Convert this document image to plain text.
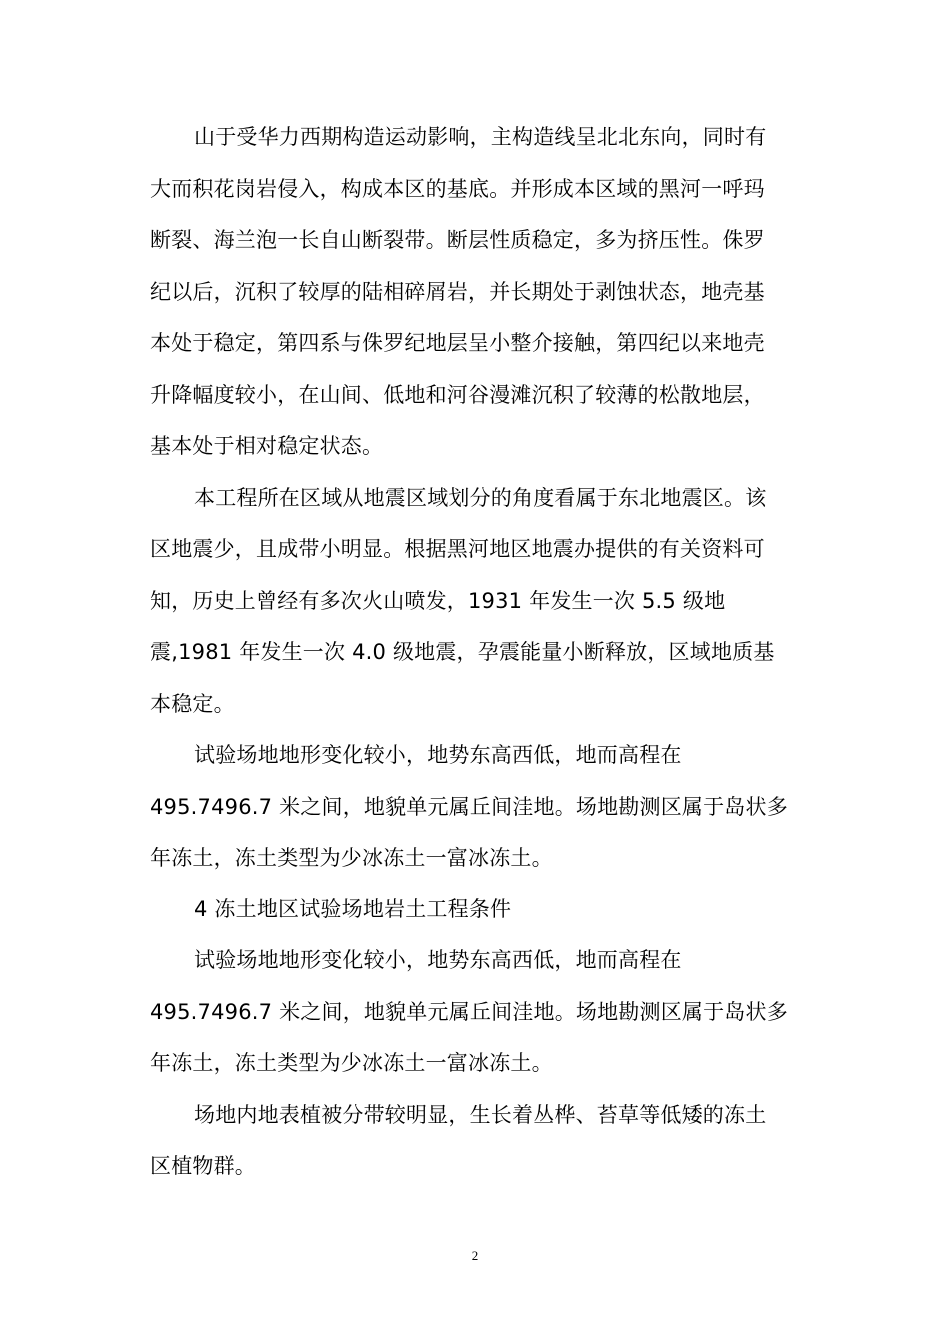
山于受华力西期构造运动影响，主构造线呈北北东向，同时有
大而积花岗岩侵入，构成本区的基底。并形成本区域的黑河一呼玛
断裂、海兰泡一长自山断裂带。断层性质稳定，多为挤压性。侏罗
纪以后，沉积了较厚的陆相碎屑岩，并长期处于剥蚀状态，地壳基
本处于稳定，第四系与侏罗纪地层呈小整介接触，第四纪以来地壳
升降幅度较小，在山间、低地和河谷漫滩沉积了较薄的松散地层，
基本处于相对稳定状态。
本工程所在区域从地震区域划分的角度看属于东北地震区。该
区地震少，且成带小明显。根据黑河地区地震办提供的有关资料可
知，历史上曾经有多次火山喷发，1931 年发生一次 5.5 级地
震,1981 年发生一次 4.0 级地震，孕震能量小断释放，区域地质基
本稳定。
试验场地地形变化较小，地势东高西低，地而高程在
495.7496.7 米之间，地貌单元属丘间洼地。场地勘测区属于岛状多
年冻土，冻土类型为少冰冻土一富冰冻土。
4 冻土地区试验场地岩土工程条件
试验场地地形变化较小，地势东高西低，地而高程在
495.7496.7 米之间，地貌单元属丘间洼地。场地勘测区属于岛状多
年冻土，冻土类型为少冰冻土一富冰冻土。
场地内地表植被分带较明显，生长着丛桦、苔草等低矮的冻土
区植物群。
2
